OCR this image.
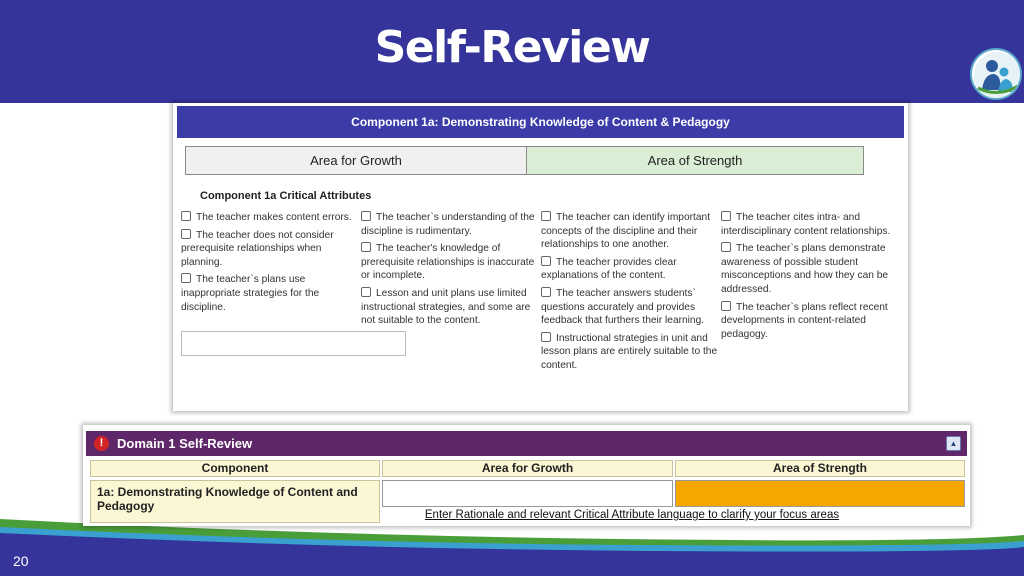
Self-Review
Component 1a: Demonstrating Knowledge of Content & Pedagogy
Area for Growth	Area of Strength
Component 1a Critical Attributes
The teacher makes content errors.
The teacher does not consider prerequisite relationships when planning.
The teacher`s plans use inappropriate strategies for the discipline.
The teacher`s understanding of the discipline is rudimentary.
The teacher's knowledge of prerequisite relationships is inaccurate or incomplete.
Lesson and unit plans use limited instructional strategies, and some are not suitable to the content.
The teacher can identify important concepts of the discipline and their relationships to one another.
The teacher provides clear explanations of the content.
The teacher answers students` questions accurately and provides feedback that furthers their learning.
Instructional strategies in unit and lesson plans are entirely suitable to the content.
The teacher cites intra- and interdisciplinary content relationships.
The teacher`s plans demonstrate awareness of possible student misconceptions and how they can be addressed.
The teacher`s plans reflect recent developments in content-related pedagogy.
!	Domain 1 Self-Review	▲
Component	Area for Growth	Area of Strength
1a: Demonstrating Knowledge of Content and Pedagogy
Enter Rationale and relevant Critical Attribute language to clarify your focus areas
20
